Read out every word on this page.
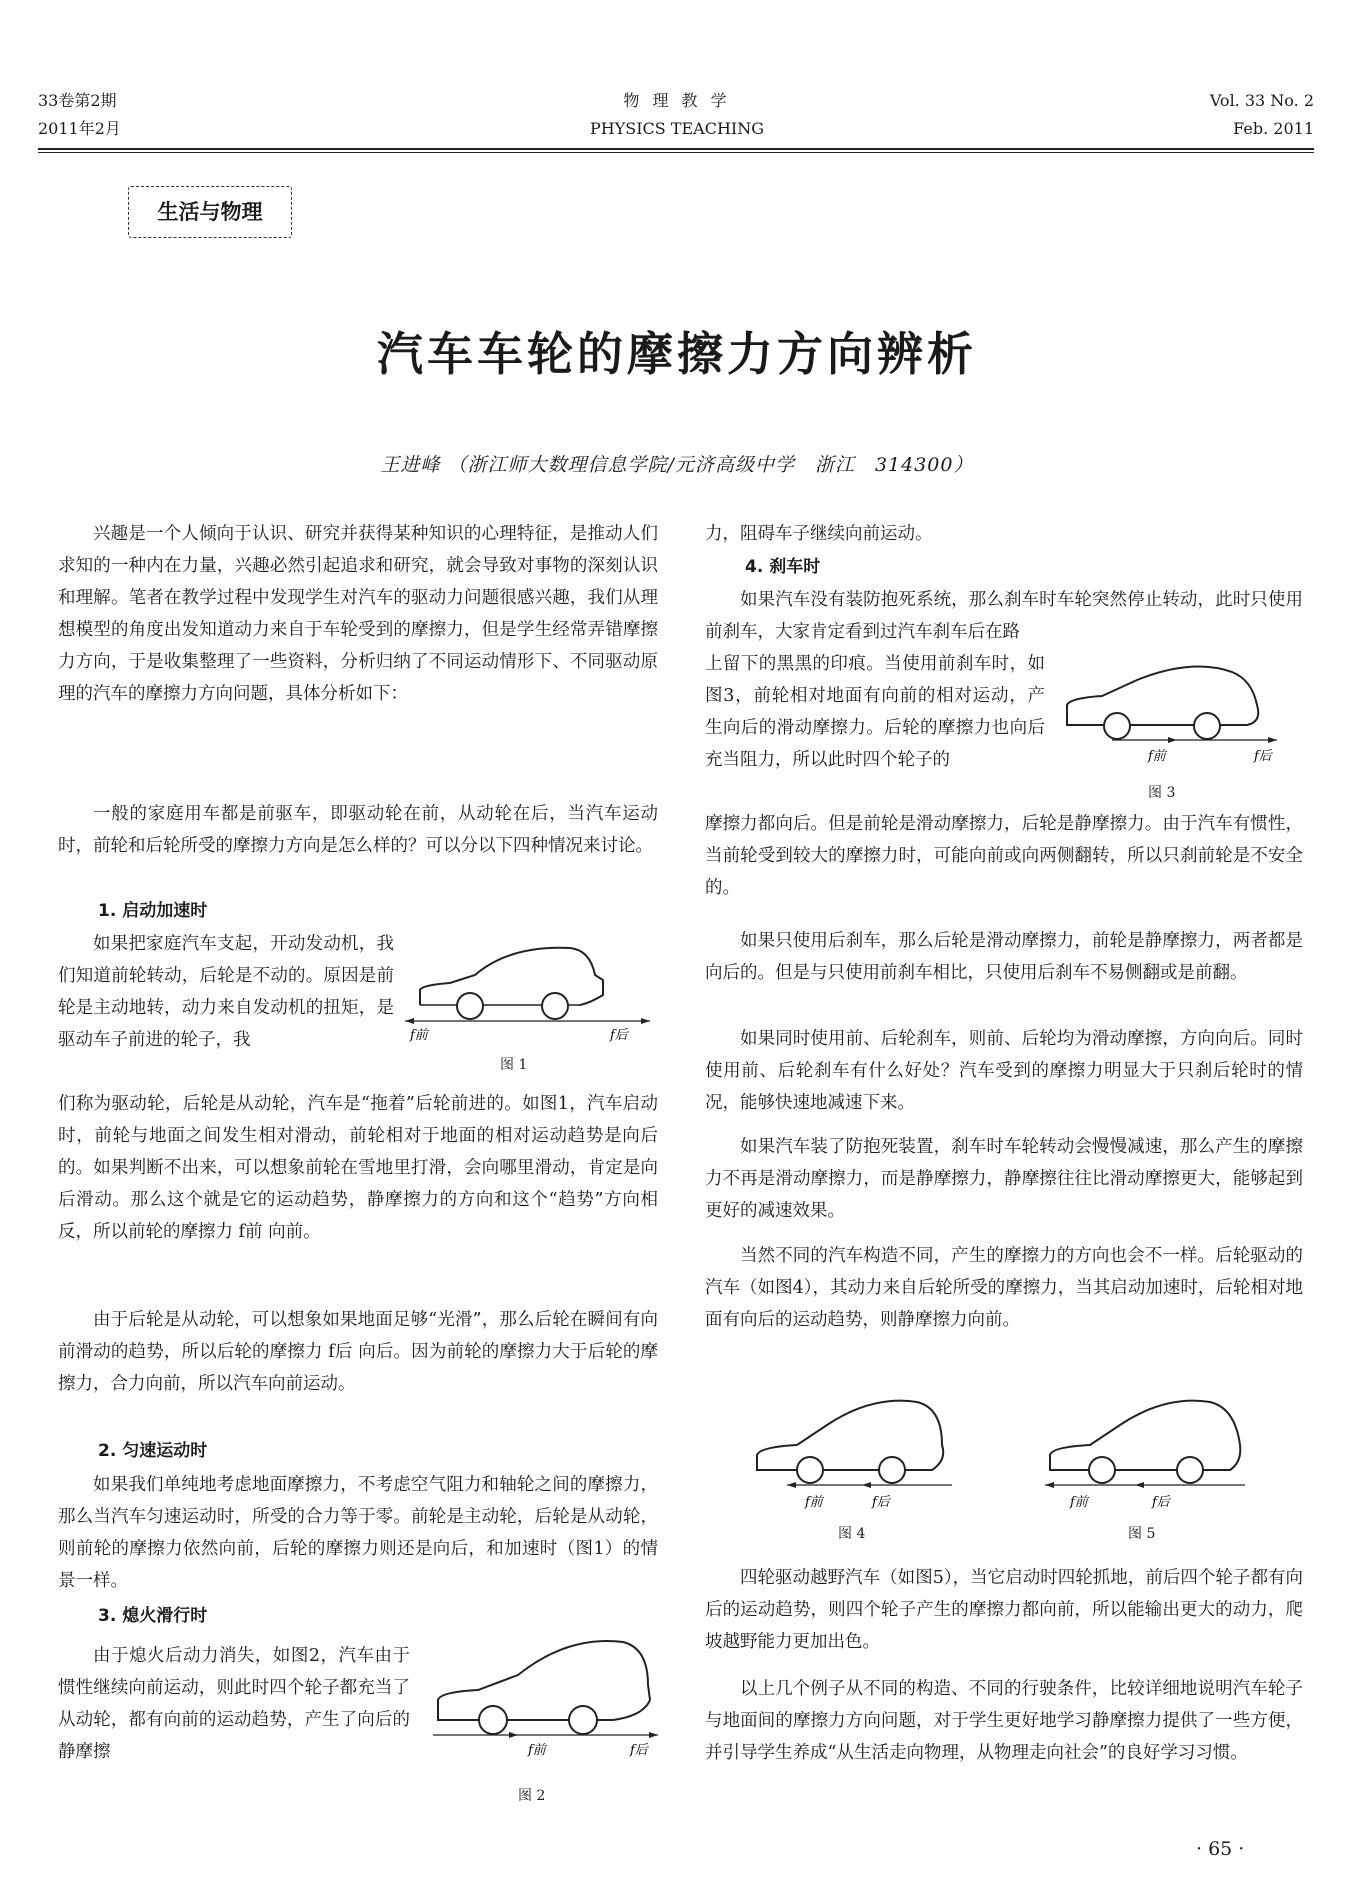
33卷第2期
2011年2月
物 理 教 学
PHYSICS TEACHING
Vol. 33 No. 2
Feb. 2011
生活与物理
汽车车轮的摩擦力方向辨析
王进峰 （浙江师大数理信息学院/元济高级中学　浙江　314300）

兴趣是一个人倾向于认识、研究并获得某种知识的心理特征，是推动人们求知的一种内在力量，兴趣必然引起追求和研究，就会导致对事物的深刻认识和理解。笔者在教学过程中发现学生对汽车的驱动力问题很感兴趣，我们从理想模型的角度出发知道动力来自于车轮受到的摩擦力，但是学生经常弄错摩擦力方向，于是收集整理了一些资料，分析归纳了不同运动情形下、不同驱动原理的汽车的摩擦力方向问题，具体分析如下：

一般的家庭用车都是前驱车，即驱动轮在前，从动轮在后，当汽车运动时，前轮和后轮所受的摩擦力方向是怎么样的？可以分以下四种情况来讨论。

1. 启动加速时

如果把家庭汽车支起，开动发动机，我们知道前轮转动，后轮是不动的。原因是前轮是主动地转，动力来自发动机的扭矩，是驱动车子前进的轮子，我	f前	f后
图 1

们称为驱动轮，后轮是从动轮，汽车是“拖着”后轮前进的。如图1，汽车启动时，前轮与地面之间发生相对滑动，前轮相对于地面的相对运动趋势是向后的。如果判断不出来，可以想象前轮在雪地里打滑，会向哪里滑动，肯定是向后滑动。那么这个就是它的运动趋势，静摩擦力的方向和这个“趋势”方向相反，所以前轮的摩擦力 f前 向前。

由于后轮是从动轮，可以想象如果地面足够“光滑”，那么后轮在瞬间有向前滑动的趋势，所以后轮的摩擦力 f后 向后。因为前轮的摩擦力大于后轮的摩擦力，合力向前，所以汽车向前运动。

2. 匀速运动时

如果我们单纯地考虑地面摩擦力，不考虑空气阻力和轴轮之间的摩擦力，那么当汽车匀速运动时，所受的合力等于零。前轮是主动轮，后轮是从动轮，则前轮的摩擦力依然向前，后轮的摩擦力则还是向后，和加速时（图1）的情景一样。

3. 熄火滑行时

由于熄火后动力消失，如图2，汽车由于惯性继续向前运动，则此时四个轮子都充当了从动轮，都有向前的运动趋势，产生了向后的静摩擦	f前	f后
图 2

力，阻碍车子继续向前运动。

4. 刹车时

如果汽车没有装防抱死系统，那么刹车时车轮突然停止转动，此时只使用前刹车，大家肯定看到过汽车刹车后在路

上留下的黑黑的印痕。当使用前刹车时，如图3，前轮相对地面有向前的相对运动，产生向后的滑动摩擦力。后轮的摩擦力也向后充当阻力，所以此时四个轮子的	f前	f后
图 3

摩擦力都向后。但是前轮是滑动摩擦力，后轮是静摩擦力。由于汽车有惯性，当前轮受到较大的摩擦力时，可能向前或向两侧翻转，所以只刹前轮是不安全的。

如果只使用后刹车，那么后轮是滑动摩擦力，前轮是静摩擦力，两者都是向后的。但是与只使用前刹车相比，只使用后刹车不易侧翻或是前翻。

如果同时使用前、后轮刹车，则前、后轮均为滑动摩擦，方向向后。同时使用前、后轮刹车有什么好处？汽车受到的摩擦力明显大于只刹后轮时的情况，能够快速地减速下来。

如果汽车装了防抱死装置，刹车时车轮转动会慢慢减速，那么产生的摩擦力不再是滑动摩擦力，而是静摩擦力，静摩擦往往比滑动摩擦更大，能够起到更好的减速效果。

当然不同的汽车构造不同，产生的摩擦力的方向也会不一样。后轮驱动的汽车（如图4），其动力来自后轮所受的摩擦力，当其启动加速时，后轮相对地面有向后的运动趋势，则静摩擦力向前。

f前	f后
图 4
f前	f后
图 5

四轮驱动越野汽车（如图5），当它启动时四轮抓地，前后四个轮子都有向后的运动趋势，则四个轮子产生的摩擦力都向前，所以能输出更大的动力，爬坡越野能力更加出色。

以上几个例子从不同的构造、不同的行驶条件，比较详细地说明汽车轮子与地面间的摩擦力方向问题，对于学生更好地学习静摩擦力提供了一些方便，并引导学生养成“从生活走向物理，从物理走向社会”的良好学习习惯。

· 65 ·
